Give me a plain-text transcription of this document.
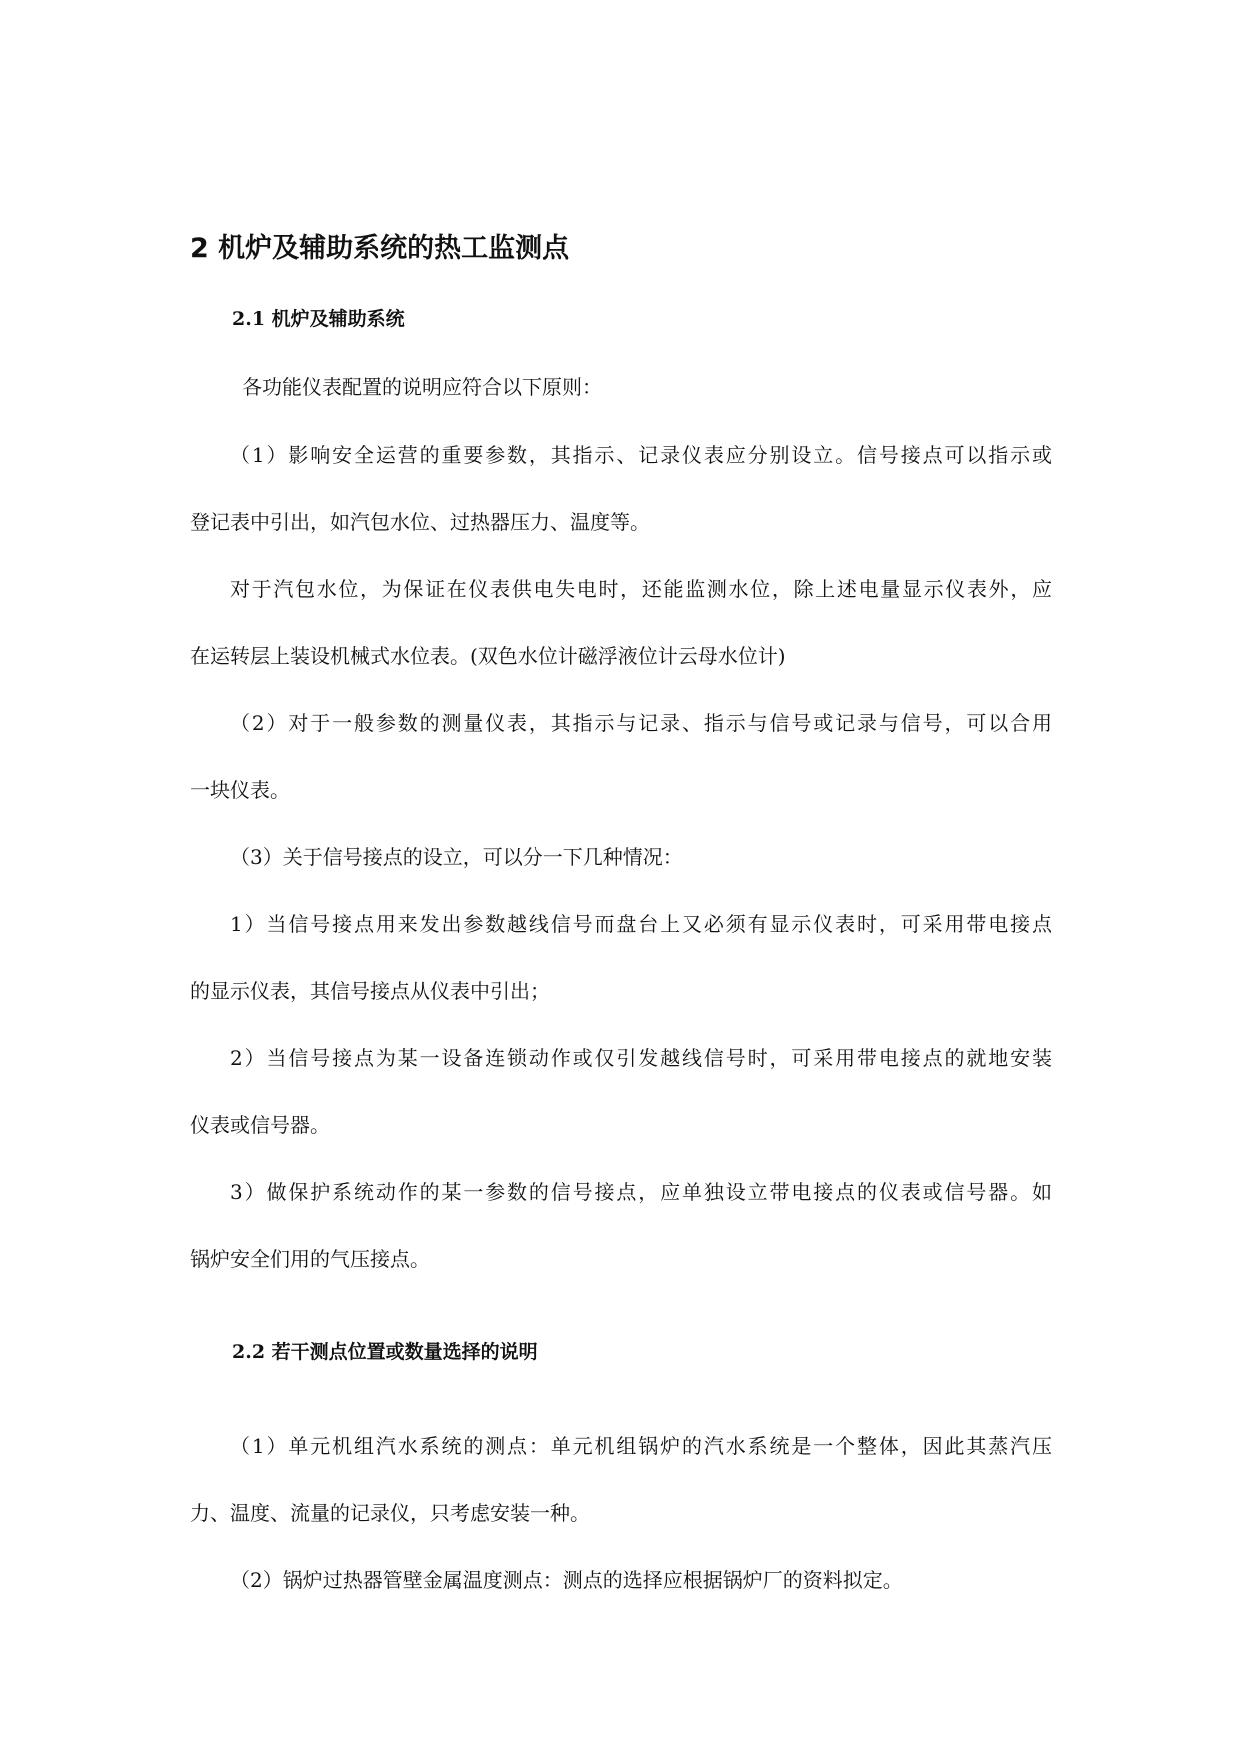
2 机炉及辅助系统的热工监测点
2.1 机炉及辅助系统
各功能仪表配置的说明应符合以下原则：
（1）影响安全运营的重要参数，其指示、记录仪表应分别设立。信号接点可以指示或
登记表中引出，如汽包水位、过热器压力、温度等。
对于汽包水位，为保证在仪表供电失电时，还能监测水位，除上述电量显示仪表外，应
在运转层上装设机械式水位表。(双色水位计磁浮液位计云母水位计)
（2）对于一般参数的测量仪表，其指示与记录、指示与信号或记录与信号，可以合用
一块仪表。
（3）关于信号接点的设立，可以分一下几种情况：
1）当信号接点用来发出参数越线信号而盘台上又必须有显示仪表时，可采用带电接点
的显示仪表，其信号接点从仪表中引出；
2）当信号接点为某一设备连锁动作或仅引发越线信号时，可采用带电接点的就地安装
仪表或信号器。
3）做保护系统动作的某一参数的信号接点，应单独设立带电接点的仪表或信号器。如
锅炉安全们用的气压接点。
2.2 若干测点位置或数量选择的说明
（1）单元机组汽水系统的测点：单元机组锅炉的汽水系统是一个整体，因此其蒸汽压
力、温度、流量的记录仪，只考虑安装一种。
（2）锅炉过热器管壁金属温度测点：测点的选择应根据锅炉厂的资料拟定。
